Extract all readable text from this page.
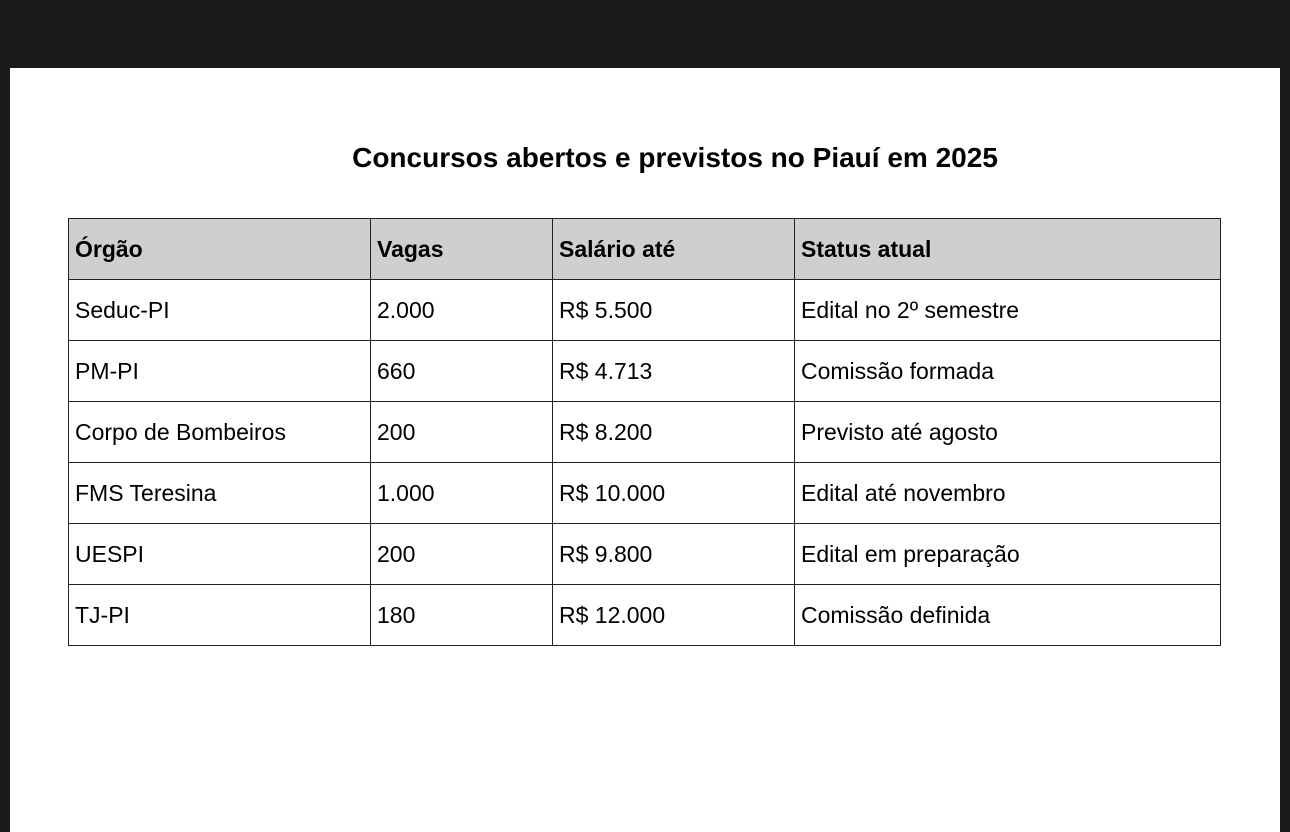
Concursos abertos e previstos no Piauí em 2025
Órgão	Vagas	Salário até	Status atual
Seduc-PI	2.000	R$ 5.500	Edital no 2º semestre
PM-PI	660	R$ 4.713	Comissão formada
Corpo de Bombeiros	200	R$ 8.200	Previsto até agosto
FMS Teresina	1.000	R$ 10.000	Edital até novembro
UESPI	200	R$ 9.800	Edital em preparação
TJ-PI	180	R$ 12.000	Comissão definida
